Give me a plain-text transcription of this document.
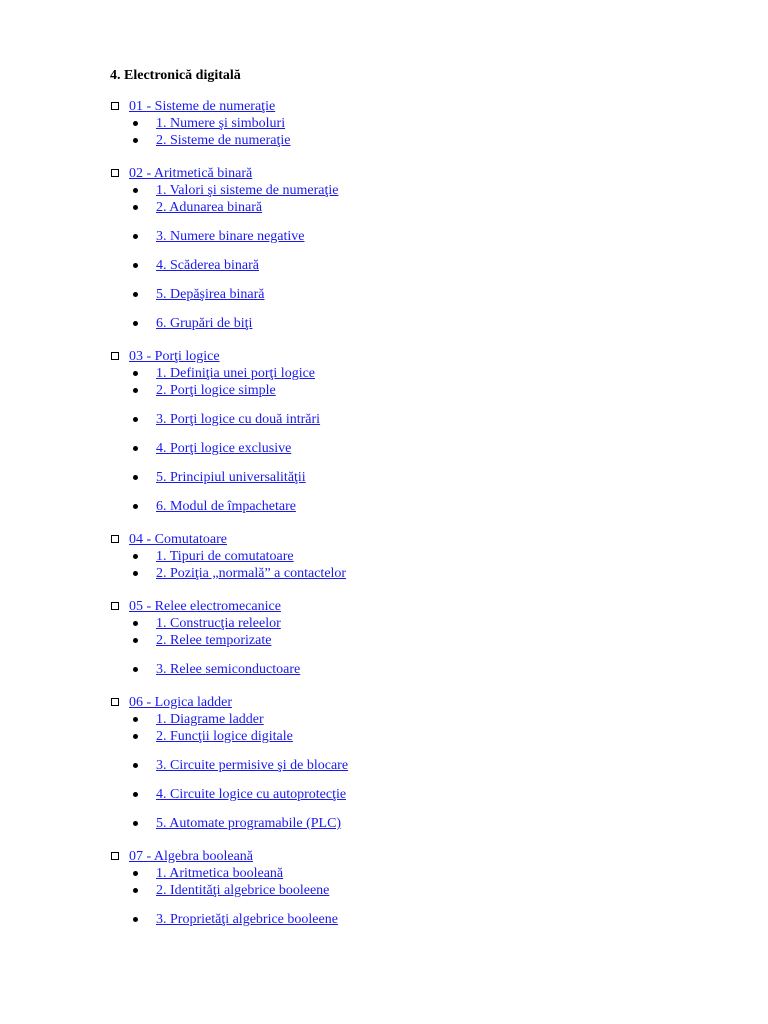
4. Electronică digitală
01 - Sisteme de numeraţie
1. Numere şi simboluri
2. Sisteme de numeraţie
02 - Aritmetică binară
1. Valori şi sisteme de numeraţie
2. Adunarea binară
3. Numere binare negative
4. Scăderea binară
5. Depăşirea binară
6. Grupări de biţi
03 - Porţi logice
1. Definiţia unei porţi logice
2. Porţi logice simple
3. Porţi logice cu două intrări
4. Porţi logice exclusive
5. Principiul universalităţii
6. Modul de împachetare
04 - Comutatoare
1. Tipuri de comutatoare
2. Poziţia „normală” a contactelor
05 - Relee electromecanice
1. Construcţia releelor
2. Relee temporizate
3. Relee semiconductoare
06 - Logica ladder
1. Diagrame ladder
2. Funcţii logice digitale
3. Circuite permisive şi de blocare
4. Circuite logice cu autoprotecţie
5. Automate programabile (PLC)
07 - Algebra booleană
1. Aritmetica booleană
2. Identităţi algebrice booleene
3. Proprietăţi algebrice booleene
